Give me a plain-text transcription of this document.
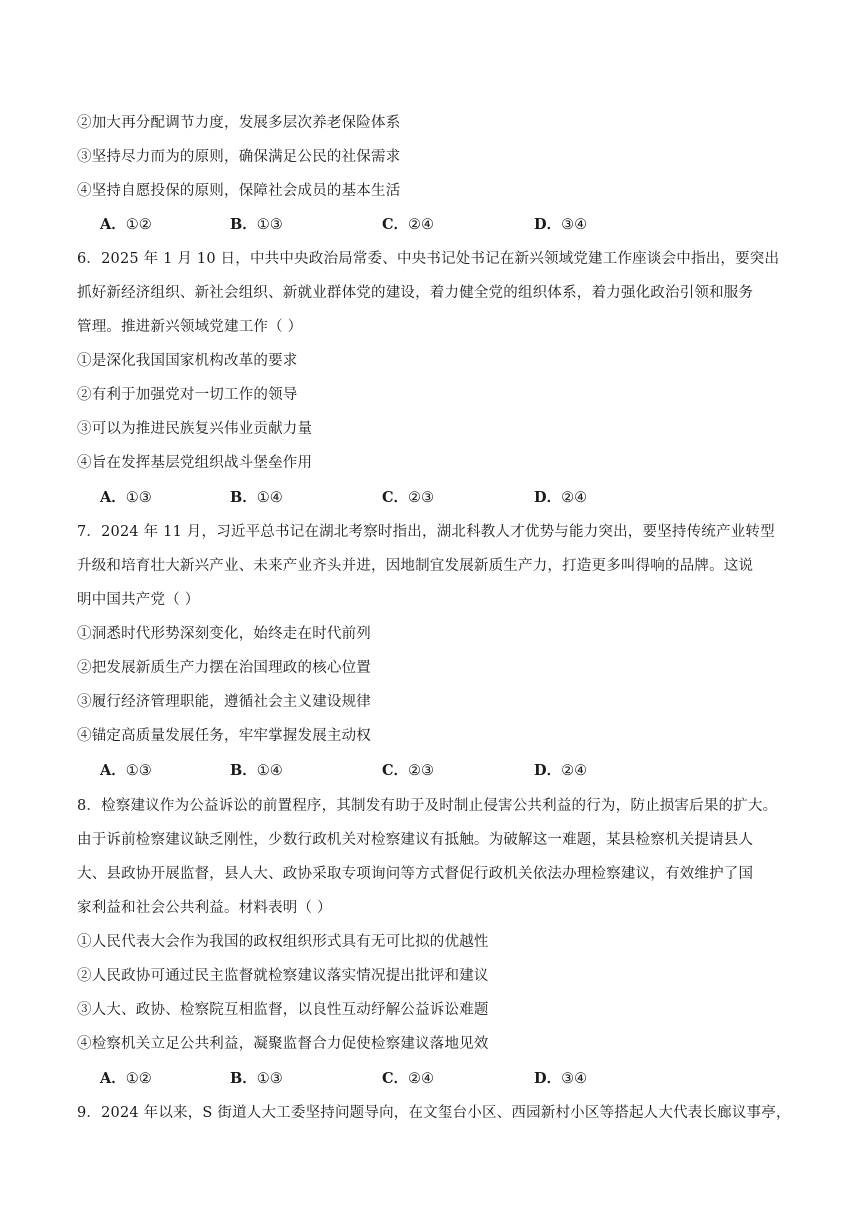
②加大再分配调节力度，发展多层次养老保险体系
③坚持尽力而为的原则，确保满足公民的社保需求
④坚持自愿投保的原则，保障社会成员的基本生活
A．①②	B．①③	C．②④	D．③④
6．2025 年 1 月 10 日，中共中央政治局常委、中央书记处书记在新兴领域党建工作座谈会中指出，要突出
抓好新经济组织、新社会组织、新就业群体党的建设，着力健全党的组织体系，着力强化政治引领和服务
管理。推进新兴领域党建工作（ ）
①是深化我国国家机构改革的要求
②有利于加强党对一切工作的领导
③可以为推进民族复兴伟业贡献力量
④旨在发挥基层党组织战斗堡垒作用
A．①③	B．①④	C．②③	D．②④
7．2024 年 11 月，习近平总书记在湖北考察时指出，湖北科教人才优势与能力突出，要坚持传统产业转型
升级和培育壮大新兴产业、未来产业齐头并进，因地制宜发展新质生产力，打造更多叫得响的品牌。这说
明中国共产党（ ）
①洞悉时代形势深刻变化，始终走在时代前列
②把发展新质生产力摆在治国理政的核心位置
③履行经济管理职能，遵循社会主义建设规律
④锚定高质量发展任务，牢牢掌握发展主动权
A．①③	B．①④	C．②③	D．②④
8．检察建议作为公益诉讼的前置程序，其制发有助于及时制止侵害公共利益的行为，防止损害后果的扩大。
由于诉前检察建议缺乏刚性，少数行政机关对检察建议有抵触。为破解这一难题，某县检察机关提请县人
大、县政协开展监督，县人大、政协采取专项询问等方式督促行政机关依法办理检察建议，有效维护了国
家利益和社会公共利益。材料表明（ ）
①人民代表大会作为我国的政权组织形式具有无可比拟的优越性
②人民政协可通过民主监督就检察建议落实情况提出批评和建议
③人大、政协、检察院互相监督，以良性互动纾解公益诉讼难题
④检察机关立足公共利益，凝聚监督合力促使检察建议落地见效
A．①②	B．①③	C．②④	D．③④
9．2024 年以来，S 街道人大工委坚持问题导向，在文玺台小区、西园新村小区等搭起人大代表长廊议事亭，
